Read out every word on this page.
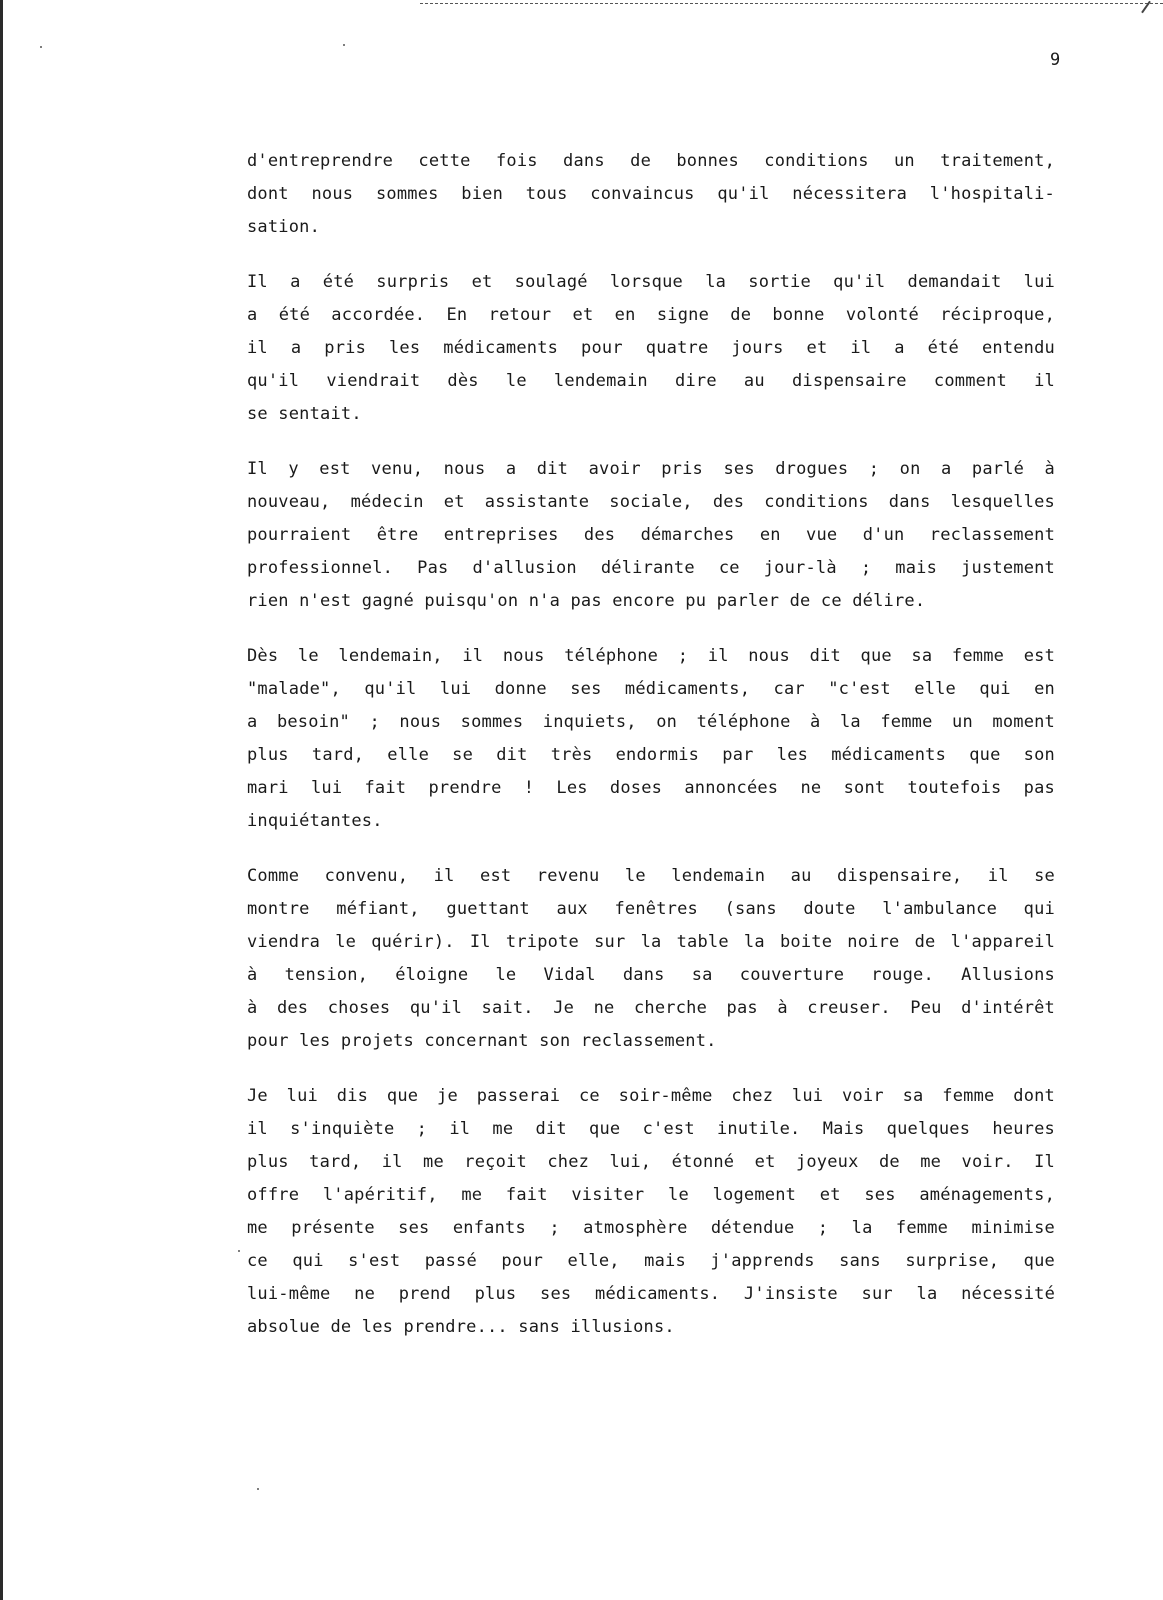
9
d'entreprendre cette fois dans de bonnes conditions un traitement,
dont nous sommes bien tous convaincus qu'il nécessitera l'hospitali-
sation.
Il a été surpris et soulagé lorsque la sortie qu'il demandait lui
a été accordée. En retour et en signe de bonne volonté réciproque,
il a pris les médicaments pour quatre jours et il a été entendu
qu'il viendrait dès le lendemain dire au dispensaire comment il
se sentait.
Il y est venu, nous a dit avoir pris ses drogues ; on a parlé à
nouveau, médecin et assistante sociale, des conditions dans lesquelles
pourraient être entreprises des démarches en vue d'un reclassement
professionnel. Pas d'allusion délirante ce jour-là ; mais justement
rien n'est gagné puisqu'on n'a pas encore pu parler de ce délire.
Dès le lendemain, il nous téléphone ; il nous dit que sa femme est
"malade", qu'il lui donne ses médicaments, car "c'est elle qui en
a besoin" ; nous sommes inquiets, on téléphone à la femme un moment
plus tard, elle se dit très endormis par les médicaments que son
mari lui fait prendre ! Les doses annoncées ne sont toutefois pas
inquiétantes.
Comme convenu, il est revenu le lendemain au dispensaire, il se
montre méfiant, guettant aux fenêtres (sans doute l'ambulance qui
viendra le quérir). Il tripote sur la table la boite noire de l'appareil
à tension, éloigne le Vidal dans sa couverture rouge. Allusions
à des choses qu'il sait. Je ne cherche pas à creuser. Peu d'intérêt
pour les projets concernant son reclassement.
Je lui dis que je passerai ce soir-même chez lui voir sa femme dont
il s'inquiète ; il me dit que c'est inutile. Mais quelques heures
plus tard, il me reçoit chez lui, étonné et joyeux de me voir. Il
offre l'apéritif, me fait visiter le logement et ses aménagements,
me présente ses enfants ; atmosphère détendue ; la femme minimise
ce qui s'est passé pour elle, mais j'apprends sans surprise, que
lui-même ne prend plus ses médicaments. J'insiste sur la nécessité
absolue de les prendre... sans illusions.
